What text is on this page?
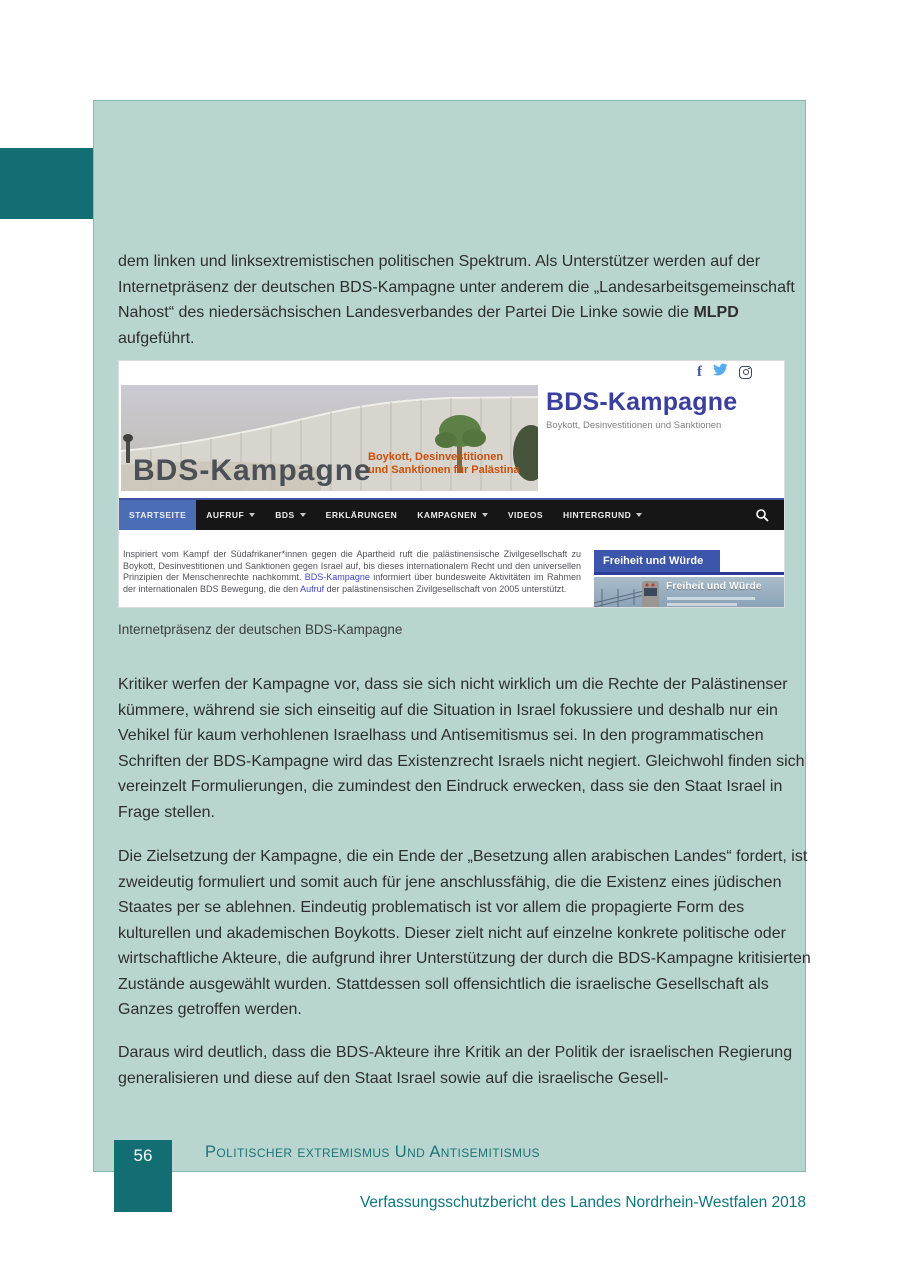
dem linken und linksextremistischen politischen Spektrum. Als Unterstützer werden auf der Internetpräsenz der deutschen BDS-Kampagne unter anderem die „Landesarbeitsgemeinschaft Nahost“ des niedersächsischen Landesverbandes der Partei Die Linke sowie die MLPD aufgeführt.

f
BDS-Kampagne
Boykott, Desinvestitionen
und Sanktionen für Palästina
BDS-Kampagne
Boykott, Desinvestitionen und Sanktionen
STARTSEITE AUFRUF	BDS	ERKLÄRUNGEN KAMPAGNEN	VIDEOS HINTERGRUND

Inspiriert vom Kampf der Südafrikaner*innen gegen die Apartheid ruft die palästinensische Zivilgesellschaft zu Boykott, Desinvestitionen und Sanktionen gegen Israel auf, bis dieses internationalem Recht und den universellen Prinzipien der Menschenrechte nachkommt. BDS-Kampagne informiert über bundesweite Aktivitäten im Rahmen der internationalen BDS Bewegung, die den Aufruf der palästinensischen Zivilgesellschaft von 2005 unterstützt.

Freiheit und Würde
Freiheit und Würde
Internetpräsenz der deutschen BDS-Kampagne

Kritiker werfen der Kampagne vor, dass sie sich nicht wirklich um die Rechte der Palästinenser kümmere, während sie sich einseitig auf die Situation in Israel fokussiere und deshalb nur ein Vehikel für kaum verhohlenen Israelhass und Antisemitismus sei. In den programmatischen Schriften der BDS-Kampagne wird das Existenzrecht Israels nicht negiert. Gleichwohl finden sich vereinzelt Formulierungen, die zumindest den Eindruck erwecken, dass sie den Staat Israel in Frage stellen.

Die Zielsetzung der Kampagne, die ein Ende der „Besetzung allen arabischen Landes“ fordert, ist zweideutig formuliert und somit auch für jene anschlussfähig, die die Existenz eines jüdischen Staates per se ablehnen. Eindeutig problematisch ist vor allem die propagierte Form des kulturellen und akademischen Boykotts. Dieser zielt nicht auf einzelne konkrete politische oder wirtschaftliche Akteure, die aufgrund ihrer Unterstützung der durch die BDS-Kampagne kritisierten Zustände ausgewählt wurden. Stattdessen soll offensichtlich die israelische Gesellschaft als Ganzes getroffen werden.

Daraus wird deutlich, dass die BDS-Akteure ihre Kritik an der Politik der israelischen Regierung generalisieren und diese auf den Staat Israel sowie auf die israelische Gesell-

56	Politischer extremismus Und Antisemitismus
Verfassungsschutzbericht des Landes Nordrhein-Westfalen 2018
